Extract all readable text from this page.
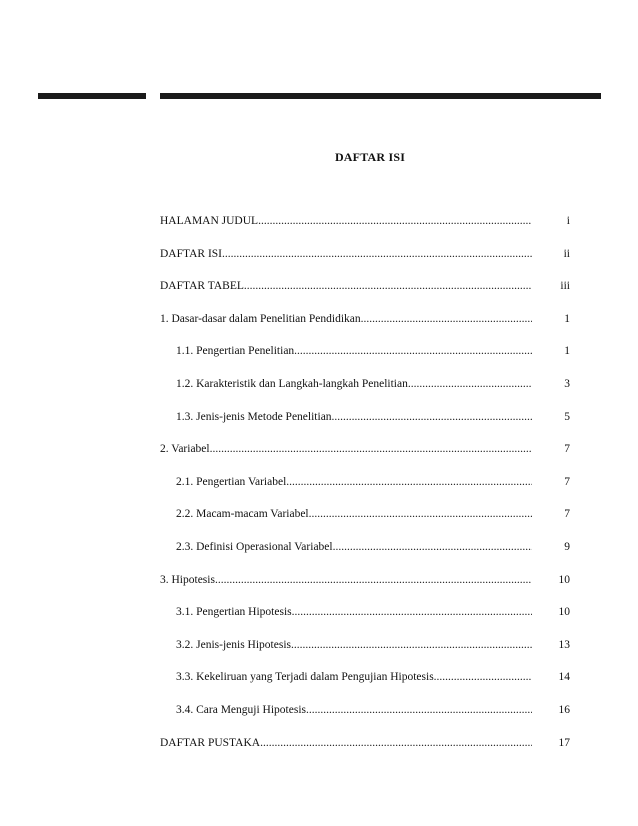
DAFTAR ISI
HALAMAN JUDUL .....	i
DAFTAR ISI .....	ii
DAFTAR TABEL .....	iii
1. Dasar-dasar dalam Penelitian Pendidikan .....	1
1.1. Pengertian Penelitian .....	1
1.2. Karakteristik dan Langkah-langkah Penelitian .....	3
1.3. Jenis-jenis Metode Penelitian .....	5
2. Variabel .....	7
2.1. Pengertian Variabel .....	7
2.2. Macam-macam Variabel .....	7
2.3. Definisi Operasional Variabel .....	9
3. Hipotesis .....	10
3.1. Pengertian Hipotesis .....	10
3.2. Jenis-jenis Hipotesis .....	13
3.3. Kekeliruan yang Terjadi dalam Pengujian Hipotesis .....	14
3.4. Cara Menguji Hipotesis .....	16
DAFTAR PUSTAKA .....	17
